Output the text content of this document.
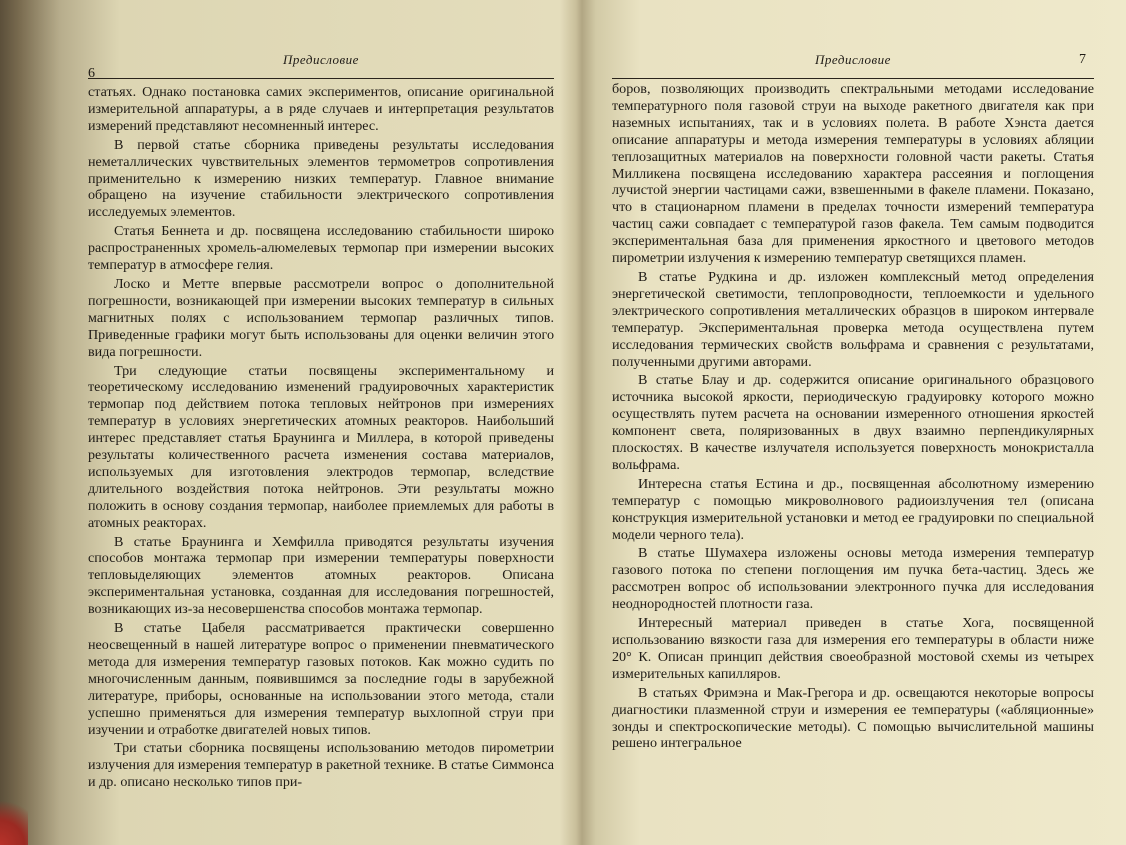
6
Предисловие

статьях. Однако постановка самих экспериментов, описание оригинальной измерительной аппаратуры, а в ряде случаев и интерпретация результатов измерений представляют несомненный интерес.

В первой статье сборника приведены результаты исследования неметаллических чувствительных элементов термометров сопротивления применительно к измерению низких температур. Главное внимание обращено на изучение стабильности электрического сопротивления исследуемых элементов.

Статья Беннета и др. посвящена исследованию стабильности широко распространенных хромель-алюмелевых термопар при измерении высоких температур в атмосфере гелия.

Лоско и Метте впервые рассмотрели вопрос о дополнительной погрешности, возникающей при измерении высоких температур в сильных магнитных полях с использованием термопар различных типов. Приведенные графики могут быть использованы для оценки величин этого вида погрешности.

Три следующие статьи посвящены экспериментальному и теоретическому исследованию изменений градуировочных характеристик термопар под действием потока тепловых нейтронов при измерениях температур в условиях энергетических атомных реакторов. Наибольший интерес представляет статья Браунинга и Миллера, в которой приведены результаты количественного расчета изменения состава материалов, используемых для изготовления электродов термопар, вследствие длительного воздействия потока нейтронов. Эти результаты можно положить в основу создания термопар, наиболее приемлемых для работы в атомных реакторах.

В статье Браунинга и Хемфилла приводятся результаты изучения способов монтажа термопар при измерении температуры поверхности тепловыделяющих элементов атомных реакторов. Описана экспериментальная установка, созданная для исследования погрешностей, возникающих из-за несовершенства способов монтажа термопар.

В статье Цабеля рассматривается практически совершенно неосвещенный в нашей литературе вопрос о применении пневматического метода для измерения температур газовых потоков. Как можно судить по многочисленным данным, появившимся за последние годы в зарубежной литературе, приборы, основанные на использовании этого метода, стали успешно применяться для измерения температур выхлопной струи при изучении и отработке двигателей новых типов.

Три статьи сборника посвящены использованию методов пирометрии излучения для измерения температур в ракетной технике. В статье Симмонса и др. описано несколько типов при-

Предисловие	7

боров, позволяющих производить спектральными методами исследование температурного поля газовой струи на выходе ракетного двигателя как при наземных испытаниях, так и в условиях полета. В работе Хэнста дается описание аппаратуры и метода измерения температуры в условиях абляции теплозащитных материалов на поверхности головной части ракеты. Статья Милликена посвящена исследованию характера рассеяния и поглощения лучистой энергии частицами сажи, взвешенными в факеле пламени. Показано, что в стационарном пламени в пределах точности измерений температура частиц сажи совпадает с температурой газов факела. Тем самым подводится экспериментальная база для применения яркостного и цветового методов пирометрии излучения к измерению температур светящихся пламен.

В статье Рудкина и др. изложен комплексный метод определения энергетической светимости, теплопроводности, теплоемкости и удельного электрического сопротивления металлических образцов в широком интервале температур. Экспериментальная проверка метода осуществлена путем исследования термических свойств вольфрама и сравнения с результатами, полученными другими авторами.

В статье Блау и др. содержится описание оригинального образцового источника высокой яркости, периодическую градуировку которого можно осуществлять путем расчета на основании измеренного отношения яркостей компонент света, поляризованных в двух взаимно перпендикулярных плоскостях. В качестве излучателя используется поверхность монокристалла вольфрама.

Интересна статья Естина и др., посвященная абсолютному измерению температур с помощью микроволнового радиоизлучения тел (описана конструкция измерительной установки и метод ее градуировки по специальной модели черного тела).

В статье Шумахера изложены основы метода измерения температур газового потока по степени поглощения им пучка бета-частиц. Здесь же рассмотрен вопрос об использовании электронного пучка для исследования неоднородностей плотности газа.

Интересный материал приведен в статье Хога, посвященной использованию вязкости газа для измерения его температуры в области ниже 20° К. Описан принцип действия своеобразной мостовой схемы из четырех измерительных капилляров.

В статьях Фримэна и Мак-Грегора и др. освещаются некоторые вопросы диагностики плазменной струи и измерения ее температуры («абляционные» зонды и спектроскопические методы). С помощью вычислительной машины решено интегральное
